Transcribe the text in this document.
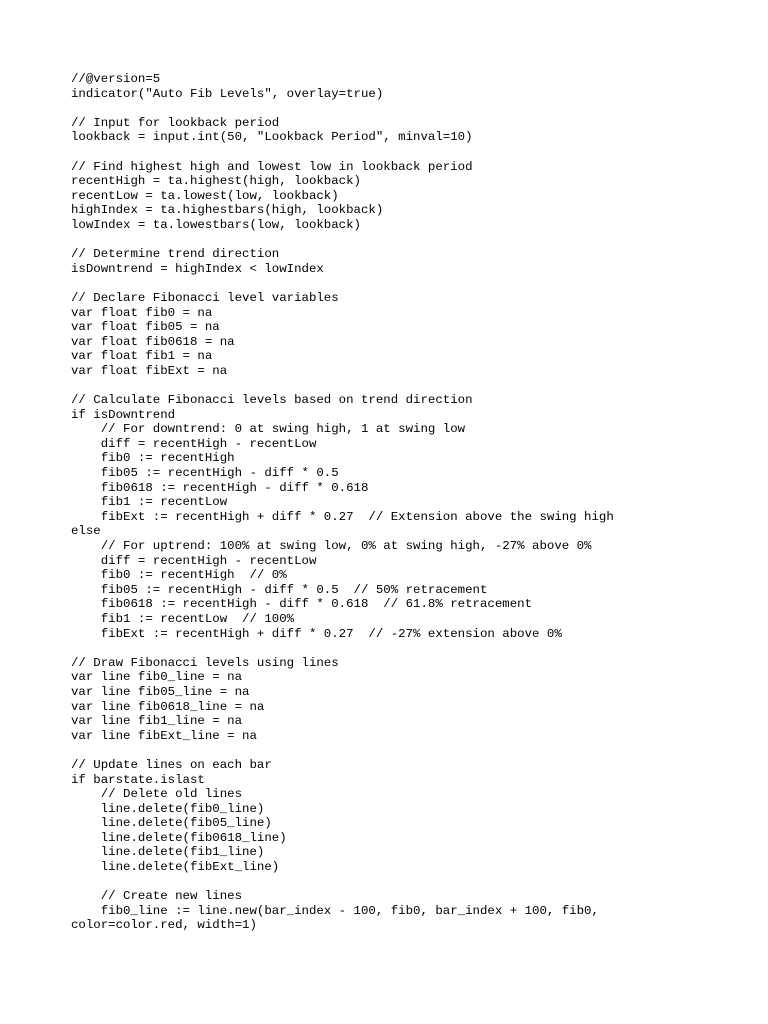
//@version=5
indicator("Auto Fib Levels", overlay=true)
// Input for lookback period
lookback = input.int(50, "Lookback Period", minval=10)
// Find highest high and lowest low in lookback period
recentHigh = ta.highest(high, lookback)
recentLow = ta.lowest(low, lookback)
highIndex = ta.highestbars(high, lookback)
lowIndex = ta.lowestbars(low, lookback)
// Determine trend direction
isDowntrend = highIndex < lowIndex
// Declare Fibonacci level variables
var float fib0 = na
var float fib05 = na
var float fib0618 = na
var float fib1 = na
var float fibExt = na
// Calculate Fibonacci levels based on trend direction
if isDowntrend
// For downtrend: 0 at swing high, 1 at swing low
diff = recentHigh - recentLow
fib0 := recentHigh
fib05 := recentHigh - diff * 0.5
fib0618 := recentHigh - diff * 0.618
fib1 := recentLow
fibExt := recentHigh + diff * 0.27  // Extension above the swing high
else
// For uptrend: 100% at swing low, 0% at swing high, -27% above 0%
diff = recentHigh - recentLow
fib0 := recentHigh  // 0%
fib05 := recentHigh - diff * 0.5  // 50% retracement
fib0618 := recentHigh - diff * 0.618  // 61.8% retracement
fib1 := recentLow  // 100%
fibExt := recentHigh + diff * 0.27  // -27% extension above 0%
// Draw Fibonacci levels using lines
var line fib0_line = na
var line fib05_line = na
var line fib0618_line = na
var line fib1_line = na
var line fibExt_line = na
// Update lines on each bar
if barstate.islast
// Delete old lines
line.delete(fib0_line)
line.delete(fib05_line)
line.delete(fib0618_line)
line.delete(fib1_line)
line.delete(fibExt_line)
// Create new lines
fib0_line := line.new(bar_index - 100, fib0, bar_index + 100, fib0,
color=color.red, width=1)
